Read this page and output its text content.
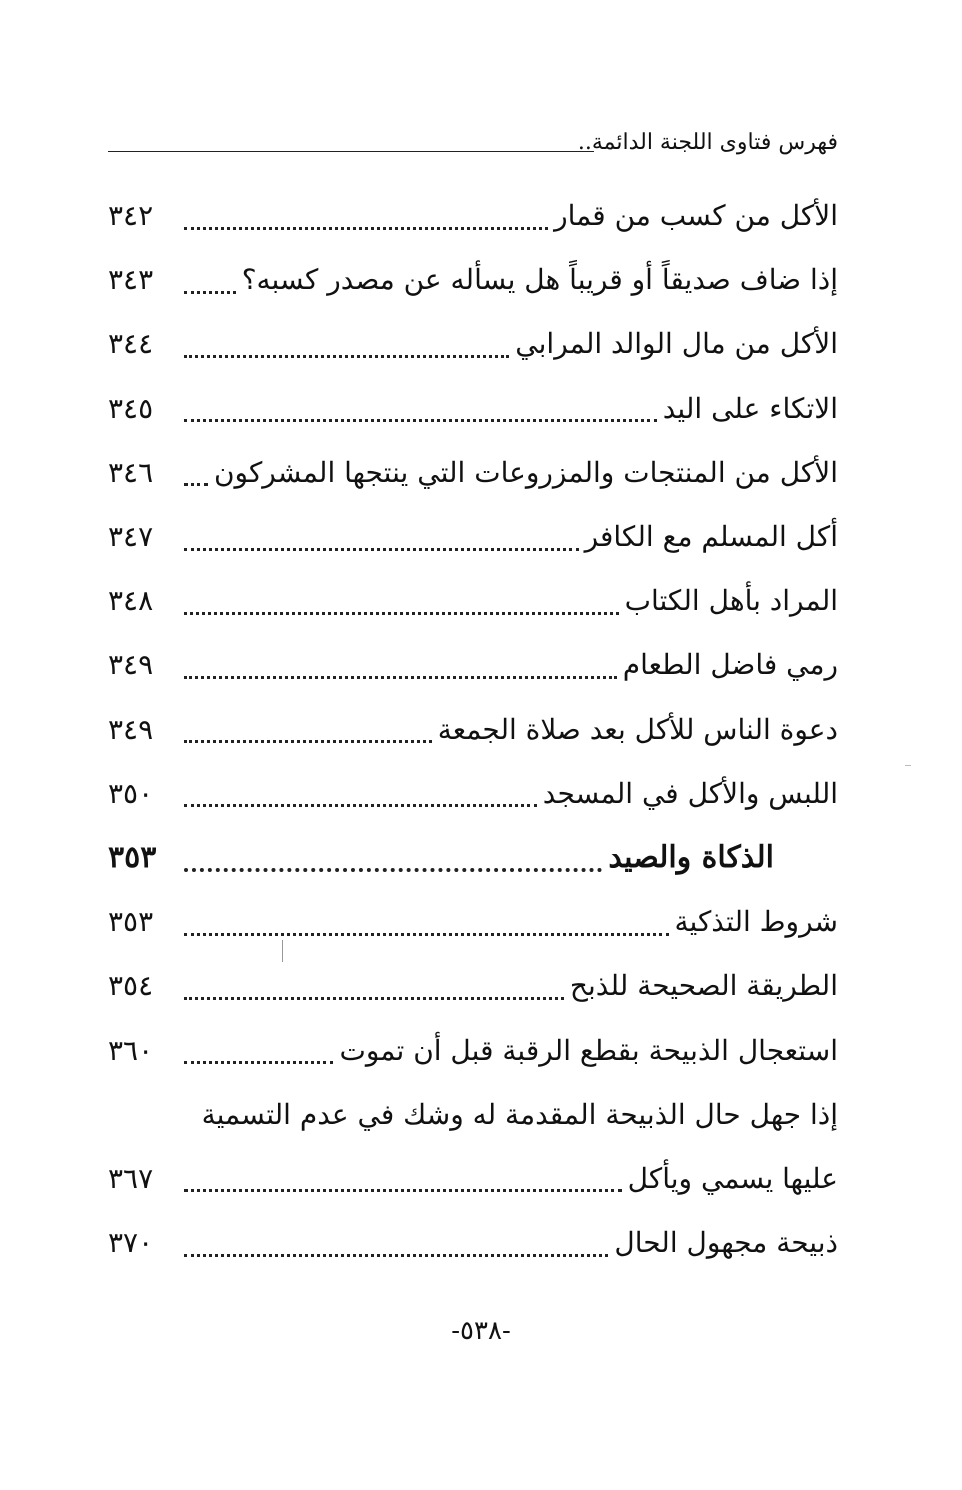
فهرس فتاوى اللجنة الدائمة..
الأكل من كسب من قمار
٣٤٢
إذا ضاف صديقاً أو قريباً هل يسأله عن مصدر كسبه؟
٣٤٣
الأكل من مال الوالد المرابي
٣٤٤
الاتكاء على اليد
٣٤٥
الأكل من المنتجات والمزروعات التي ينتجها المشركون
٣٤٦
أكل المسلم مع الكافر
٣٤٧
المراد بأهل الكتاب
٣٤٨
رمي فاضل الطعام
٣٤٩
دعوة الناس للأكل بعد صلاة الجمعة
٣٤٩
اللبس والأكل في المسجد
٣٥٠
الذكاة والصيد
٣٥٣
شروط التذكية
٣٥٣
الطريقة الصحيحة للذبح
٣٥٤
استعجال الذبيحة بقطع الرقبة قبل أن تموت
٣٦٠
إذا جهل حال الذبيحة المقدمة له وشك في عدم التسمية
عليها يسمي ويأكل
٣٦٧
ذبيحة مجهول الحال
٣٧٠
-٥٣٨-
